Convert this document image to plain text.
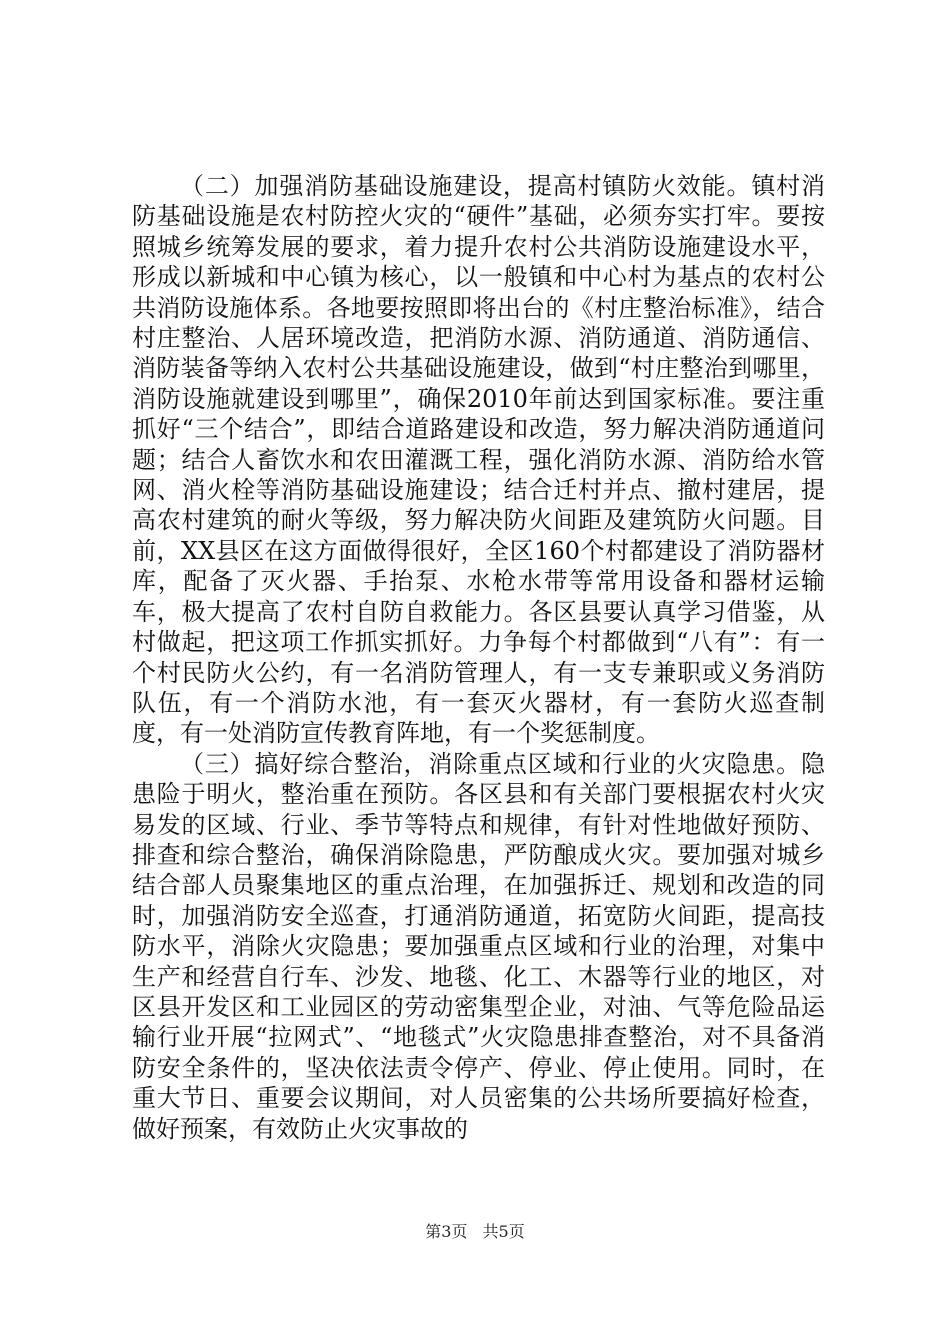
（二）加强消防基础设施建设，提高村镇防火效能。镇村消防基础设施是农村防控火灾的“硬件”基础，必须夯实打牢。要按照城乡统筹发展的要求，着力提升农村公共消防设施建设水平，形成以新城和中心镇为核心，以一般镇和中心村为基点的农村公共消防设施体系。各地要按照即将出台的《村庄整治标准》，结合村庄整治、人居环境改造，把消防水源、消防通道、消防通信、消防装备等纳入农村公共基础设施建设，做到“村庄整治到哪里，消防设施就建设到哪里”，确保2010年前达到国家标准。要注重抓好“三个结合”，即结合道路建设和改造，努力解决消防通道问题；结合人畜饮水和农田灌溉工程，强化消防水源、消防给水管网、消火栓等消防基础设施建设；结合迁村并点、撤村建居，提高农村建筑的耐火等级，努力解决防火间距及建筑防火问题。目前，XX县区在这方面做得很好，全区160个村都建设了消防器材库，配备了灭火器、手抬泵、水枪水带等常用设备和器材运输车，极大提高了农村自防自救能力。各区县要认真学习借鉴，从村做起，把这项工作抓实抓好。力争每个村都做到“八有”：有一个村民防火公约，有一名消防管理人，有一支专兼职或义务消防队伍，有一个消防水池，有一套灭火器材，有一套防火巡查制度，有一处消防宣传教育阵地，有一个奖惩制度。

（三）搞好综合整治，消除重点区域和行业的火灾隐患。隐患险于明火，整治重在预防。各区县和有关部门要根据农村火灾易发的区域、行业、季节等特点和规律，有针对性地做好预防、排查和综合整治，确保消除隐患，严防酿成火灾。要加强对城乡结合部人员聚集地区的重点治理，在加强拆迁、规划和改造的同时，加强消防安全巡查，打通消防通道，拓宽防火间距，提高技防水平，消除火灾隐患；要加强重点区域和行业的治理，对集中生产和经营自行车、沙发、地毯、化工、木器等行业的地区，对区县开发区和工业园区的劳动密集型企业，对油、气等危险品运输行业开展“拉网式”、“地毯式”火灾隐患排查整治，对不具备消防安全条件的，坚决依法责令停产、停业、停止使用。同时，在重大节日、重要会议期间，对人员密集的公共场所要搞好检查，做好预案，有效防止火灾事故的

第3页 共5页
